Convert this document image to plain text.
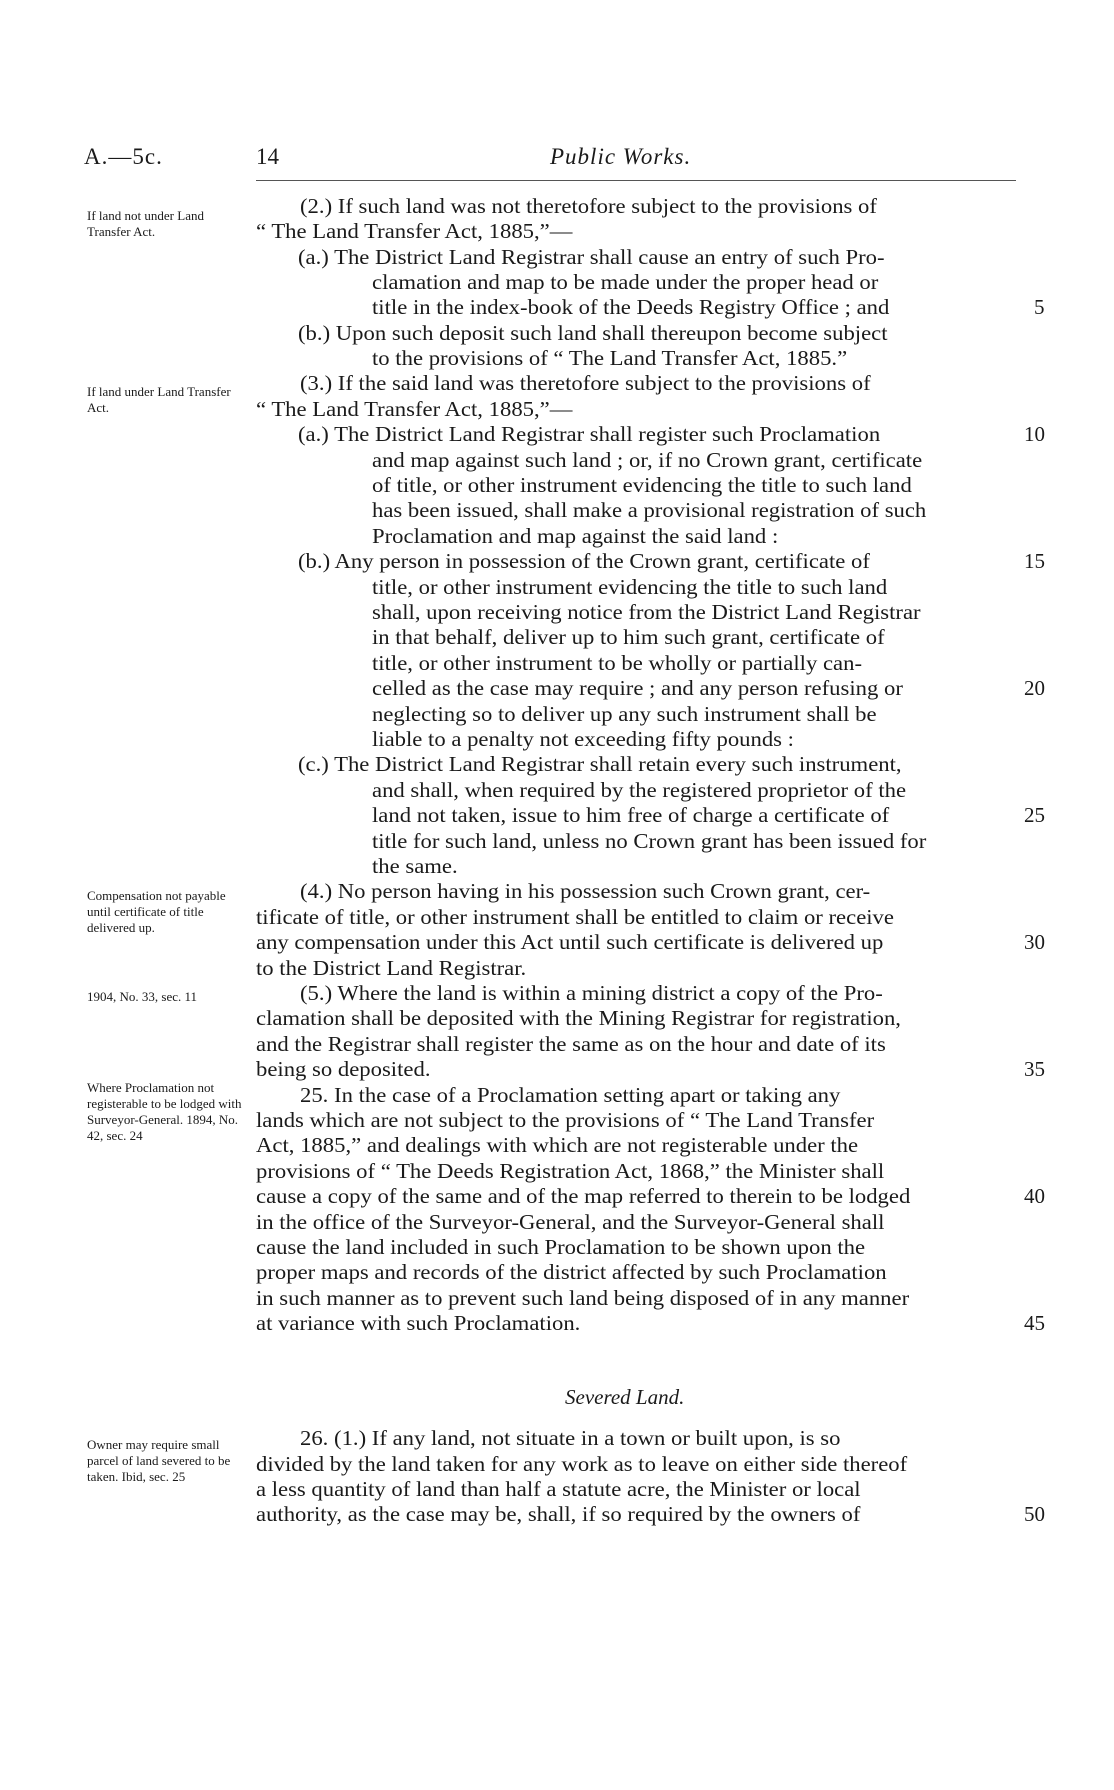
A.—5c.	14	Public Works.
If land not under Land Transfer Act.
If land under Land Transfer Act.
Compensation not payable until certificate of title delivered up.
1904, No. 33, sec. 11
Where Proclamation not registerable to be lodged with Surveyor-General. 1894, No. 42, sec. 24
Owner may require small parcel of land severed to be taken. Ibid, sec. 25
(2.) If such land was not theretofore subject to the provisions of
“ The Land Transfer Act, 1885,”—
(a.) The District Land Registrar shall cause an entry of such Pro-
clamation and map to be made under the proper head or
title in the index-book of the Deeds Registry Office ; and
(b.) Upon such deposit such land shall thereupon become subject
to the provisions of “ The Land Transfer Act, 1885.”
(3.) If the said land was theretofore subject to the provisions of
“ The Land Transfer Act, 1885,”—
(a.) The District Land Registrar shall register such Proclamation
and map against such land ; or, if no Crown grant, certificate
of title, or other instrument evidencing the title to such land
has been issued, shall make a provisional registration of such
Proclamation and map against the said land :
(b.) Any person in possession of the Crown grant, certificate of
title, or other instrument evidencing the title to such land
shall, upon receiving notice from the District Land Registrar
in that behalf, deliver up to him such grant, certificate of
title, or other instrument to be wholly or partially can-
celled as the case may require ; and any person refusing or
neglecting so to deliver up any such instrument shall be
liable to a penalty not exceeding fifty pounds :
(c.) The District Land Registrar shall retain every such instrument,
and shall, when required by the registered proprietor of the
land not taken, issue to him free of charge a certificate of
title for such land, unless no Crown grant has been issued for
the same.
(4.) No person having in his possession such Crown grant, cer-
tificate of title, or other instrument shall be entitled to claim or receive
any compensation under this Act until such certificate is delivered up
to the District Land Registrar.
(5.) Where the land is within a mining district a copy of the Pro-
clamation shall be deposited with the Mining Registrar for registration,
and the Registrar shall register the same as on the hour and date of its
being so deposited.
25. In the case of a Proclamation setting apart or taking any
lands which are not subject to the provisions of “ The Land Transfer
Act, 1885,” and dealings with which are not registerable under the
provisions of “ The Deeds Registration Act, 1868,” the Minister shall
cause a copy of the same and of the map referred to therein to be lodged
in the office of the Surveyor-General, and the Surveyor-General shall
cause the land included in such Proclamation to be shown upon the
proper maps and records of the district affected by such Proclamation
in such manner as to prevent such land being disposed of in any manner
at variance with such Proclamation.
Severed Land.
26. (1.) If any land, not situate in a town or built upon, is so
divided by the land taken for any work as to leave on either side thereof
a less quantity of land than half a statute acre, the Minister or local
authority, as the case may be, shall, if so required by the owners of
5
10
15
20
25
30
35
40
45
50
